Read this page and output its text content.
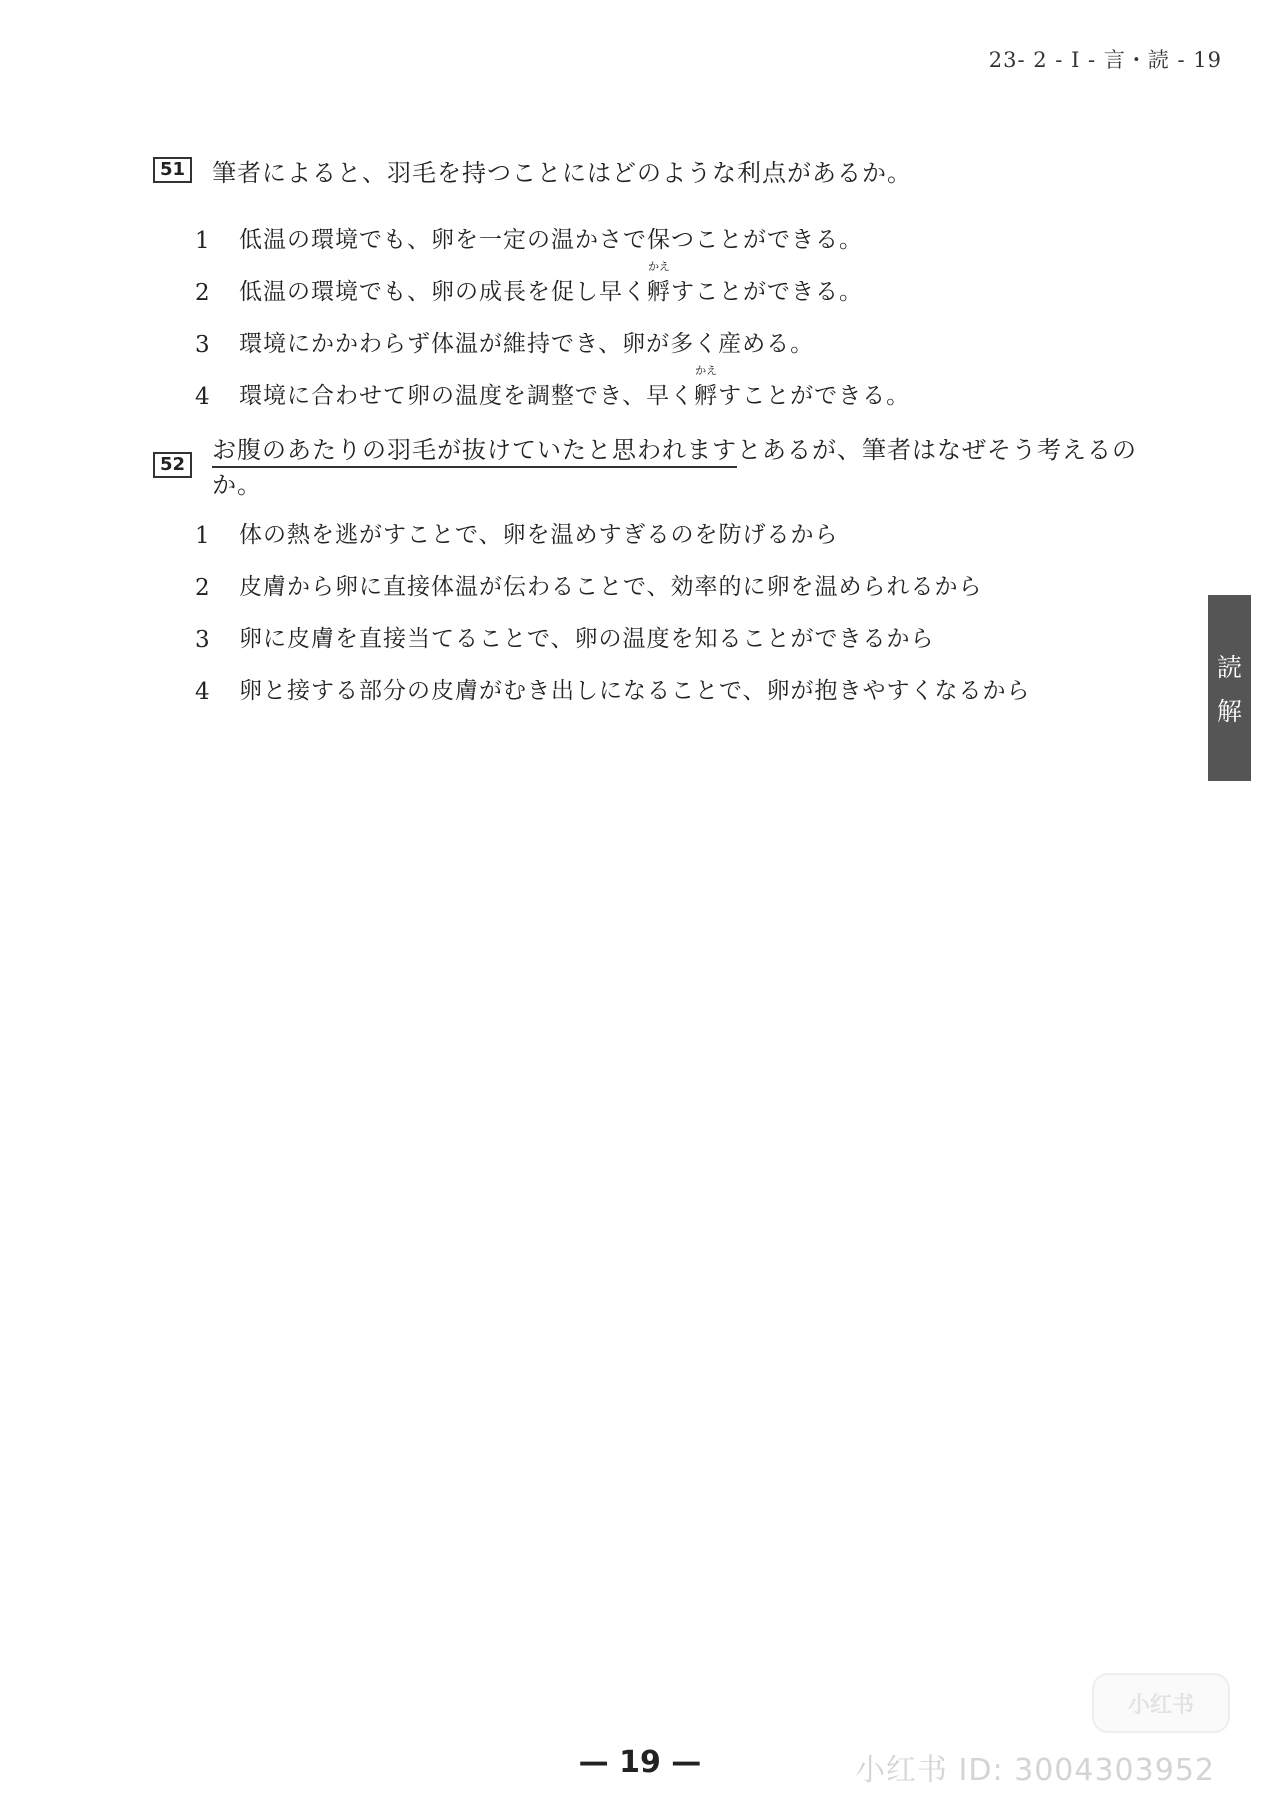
23- 2 - I - 言・読 - 19
51 筆者によると、羽毛を持つことにはどのような利点があるか。
1	低温の環境でも、卵を一定の温かさで保つことができる。
2	低温の環境でも、卵の成長を促し早く
かえ
孵すことができる。
3	環境にかかわらず体温が維持でき、卵が多く産める。
4	環境に合わせて卵の温度を調整でき、早く
かえ
孵すことができる。
52
お腹のあたりの羽毛が抜けていたと思われますとあるが、筆者はなぜそう考えるのか。
1	体の熱を逃がすことで、卵を温めすぎるのを防げるから
2	皮膚から卵に直接体温が伝わることで、効率的に卵を温められるから
3	卵に皮膚を直接当てることで、卵の温度を知ることができるから
4	卵と接する部分の皮膚がむき出しになることで、卵が抱きやすくなるから
読
解
小红书
— 19 —	小红书 ID: 3004303952
